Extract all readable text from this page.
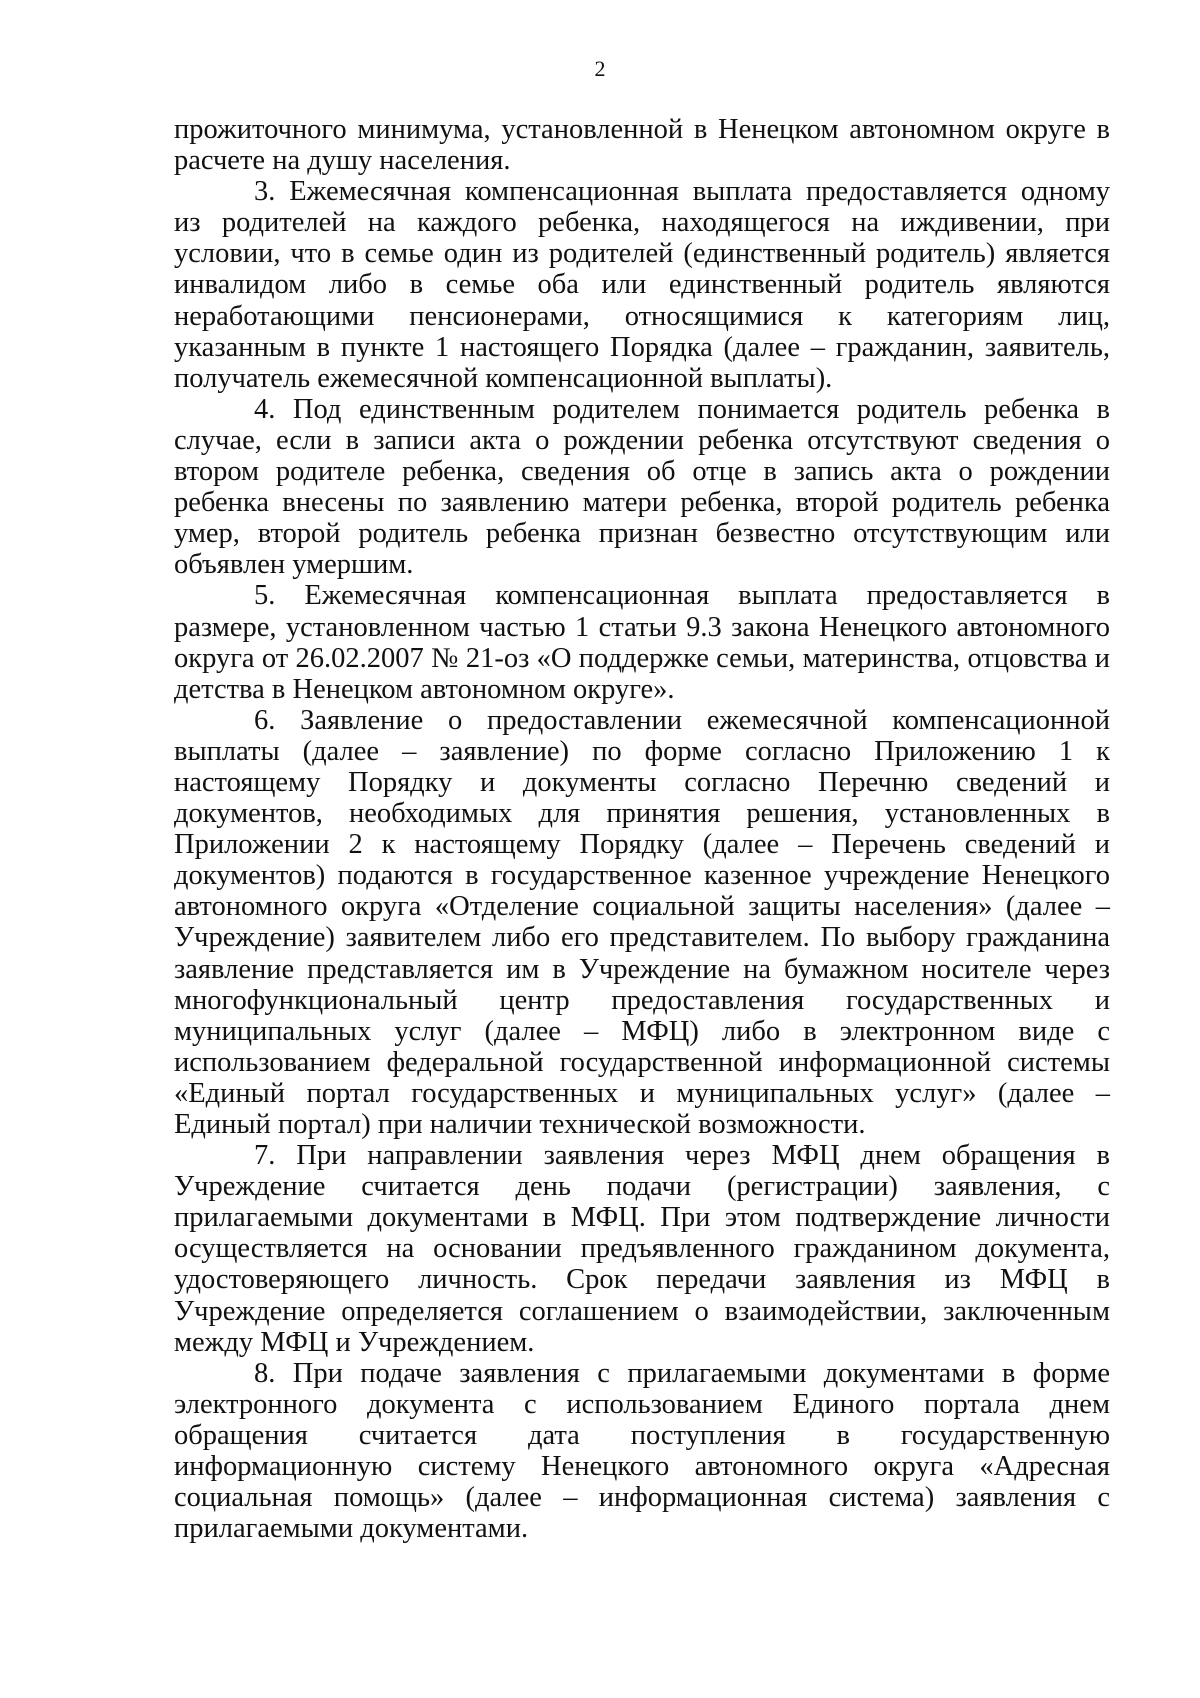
2

прожиточного минимума, установленной в Ненецком автономном округе в расчете на душу населения.

3. Ежемесячная компенсационная выплата предоставляется одному из родителей на каждого ребенка, находящегося на иждивении, при условии, что в семье один из родителей (единственный родитель) является инвалидом либо в семье оба или единственный родитель являются неработающими пенсионерами, относящимися к категориям лиц, указанным в пункте 1 настоящего Порядка (далее – гражданин, заявитель, получатель ежемесячной компенсационной выплаты).

4. Под единственным родителем понимается родитель ребенка в случае, если в записи акта о рождении ребенка отсутствуют сведения о втором родителе ребенка, сведения об отце в запись акта о рождении ребенка внесены по заявлению матери ребенка, второй родитель ребенка умер, второй родитель ребенка признан безвестно отсутствующим или объявлен умершим.

5. Ежемесячная компенсационная выплата предоставляется в размере, установленном частью 1 статьи 9.3 закона Ненецкого автономного округа от 26.02.2007 № 21-оз «О поддержке семьи, материнства, отцовства и детства в Ненецком автономном округе».

6. Заявление о предоставлении ежемесячной компенсационной выплаты (далее – заявление) по форме согласно Приложению 1 к настоящему Порядку и документы согласно Перечню сведений и документов, необходимых для принятия решения, установленных в Приложении 2 к настоящему Порядку (далее – Перечень сведений и документов) подаются в государственное казенное учреждение Ненецкого автономного округа «Отделение социальной защиты населения» (далее – Учреждение) заявителем либо его представителем. По выбору гражданина заявление представляется им в Учреждение на бумажном носителе через многофункциональный центр предоставления государственных и муниципальных услуг (далее – МФЦ) либо в электронном виде с использованием федеральной государственной информационной системы «Единый портал государственных и муниципальных услуг» (далее – Единый портал) при наличии технической возможности.

7. При направлении заявления через МФЦ днем обращения в Учреждение считается день подачи (регистрации) заявления, с прилагаемыми документами в МФЦ. При этом подтверждение личности осуществляется на основании предъявленного гражданином документа, удостоверяющего личность. Срок передачи заявления из МФЦ в Учреждение определяется соглашением о взаимодействии, заключенным между МФЦ и Учреждением.

8. При подаче заявления с прилагаемыми документами в форме электронного документа с использованием Единого портала днем обращения считается дата поступления в государственную информационную систему Ненецкого автономного округа «Адресная социальная помощь» (далее – информационная система) заявления с прилагаемыми документами.
